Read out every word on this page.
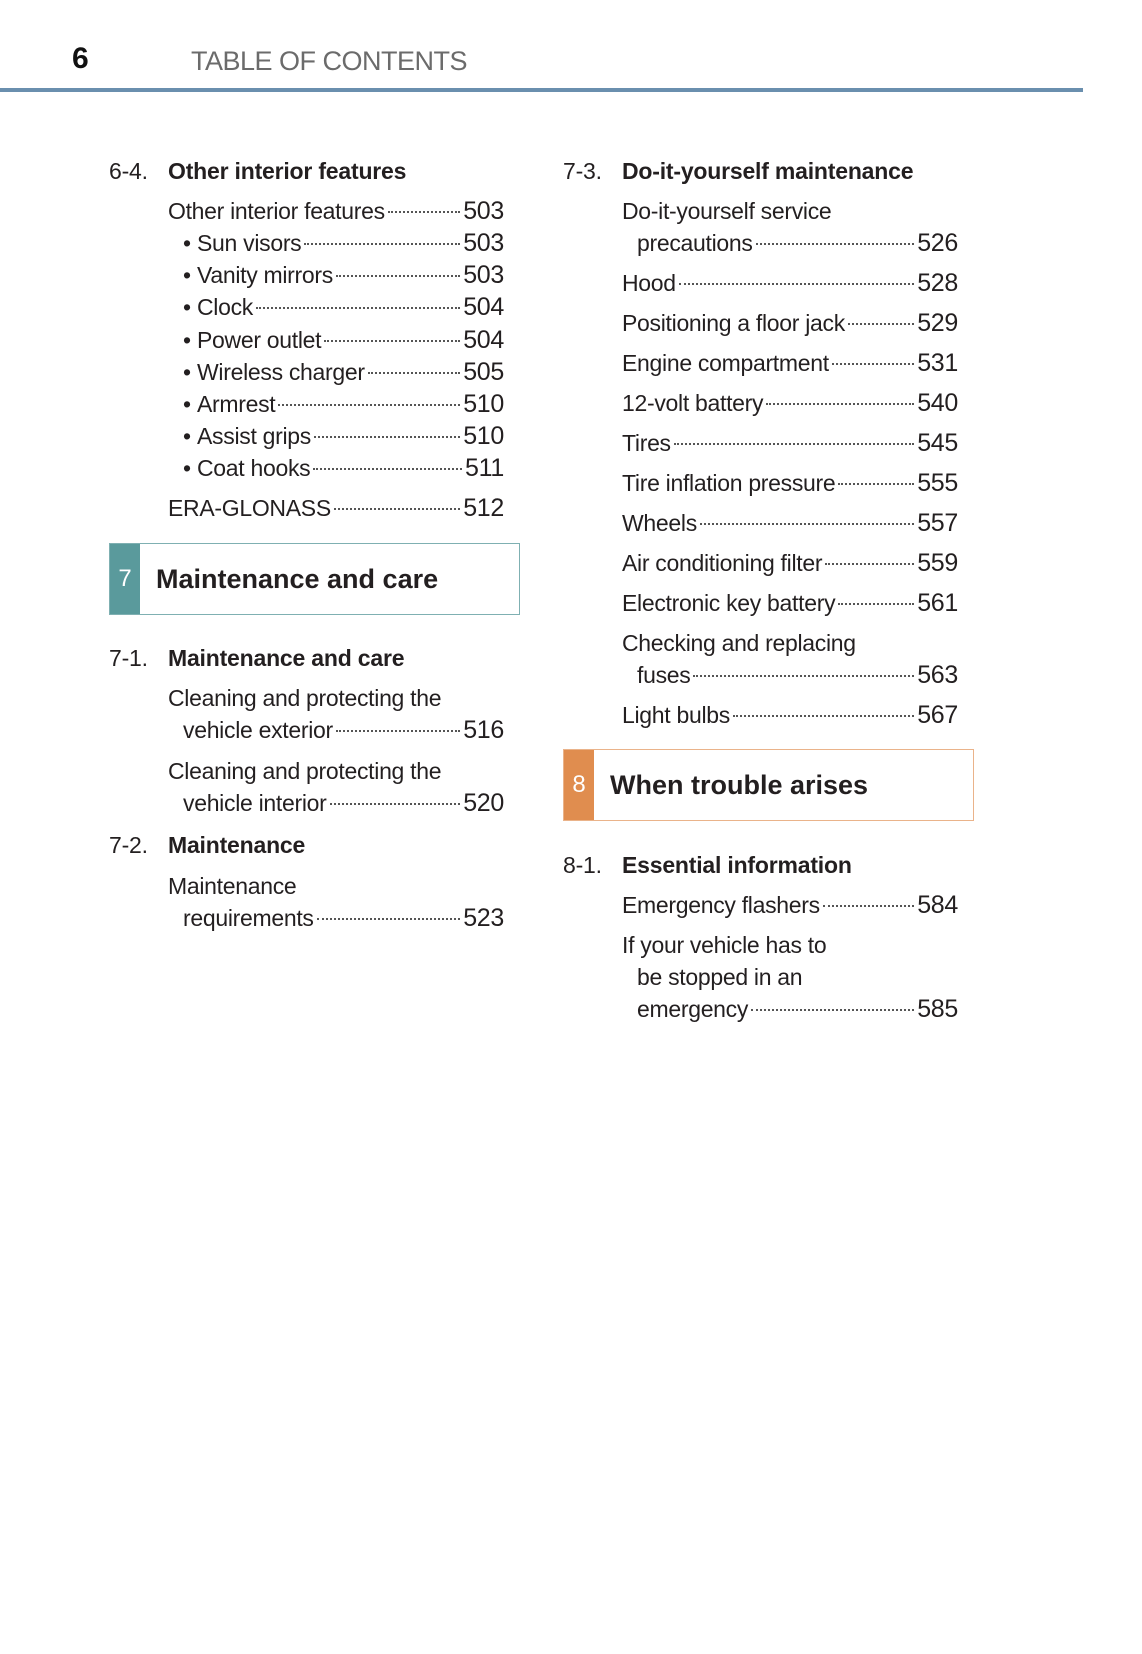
6	TABLE OF CONTENTS
6-4. Other interior features
Other interior features	503
• Sun visors	503
• Vanity mirrors	503
• Clock	504
• Power outlet	504
• Wireless charger	505
• Armrest	510
• Assist grips	510
• Coat hooks	511
ERA-GLONASS	512
7 Maintenance and care
7-1. Maintenance and care
Cleaning and protecting the
vehicle exterior	516
Cleaning and protecting the
vehicle interior	520
7-2. Maintenance
Maintenance
requirements	523
7-3. Do-it-yourself maintenance
Do-it-yourself service
precautions	526
Hood	528
Positioning a floor jack	529
Engine compartment	531
12-volt battery	540
Tires	545
Tire inflation pressure	555
Wheels	557
Air conditioning filter	559
Electronic key battery	561
Checking and replacing
fuses	563
Light bulbs	567
8 When trouble arises
8-1. Essential information
Emergency flashers	584
If your vehicle has to
be stopped in an
emergency	585
